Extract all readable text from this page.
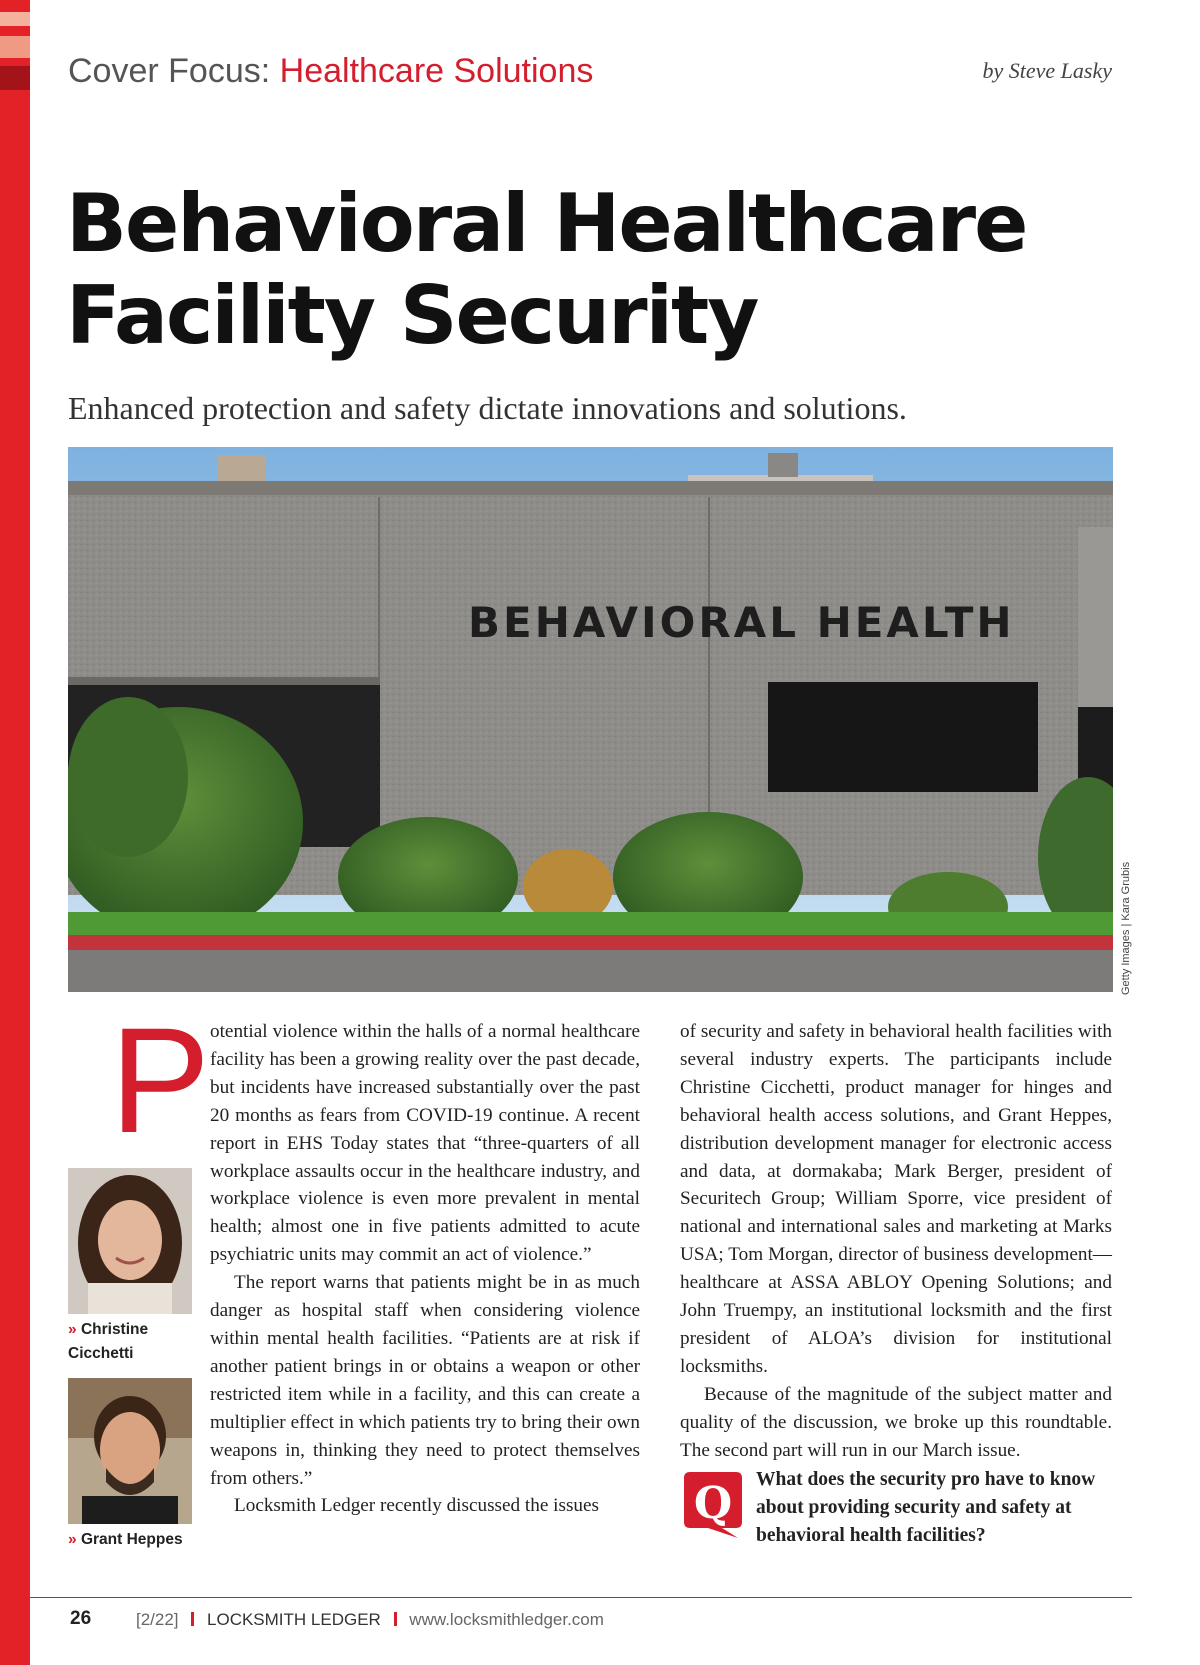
Cover Focus: Healthcare Solutions	by Steve Lasky
Behavioral Healthcare Facility Security

Enhanced protection and safety dictate innovations and solutions.

BEHAVIORAL HEALTH
Getty Images | Kara Grubis
» Christine Cicchetti
» Grant Heppes
P otential violence within the halls of a normal healthcare facility has been a growing reality over the past decade, but incidents have increased substantially over the past 20 months as fears from COVID-19 continue. A recent report in EHS Today states that “three-quarters of all workplace assaults occur in the healthcare industry, and workplace violence is even more prevalent in mental health; almost one in five patients admitted to acute psychiatric units may commit an act of violence.”

The report warns that patients might be in as much danger as hospital staff when considering violence within mental health facilities. “Patients are at risk if another patient brings in or obtains a weapon or other restricted item while in a facility, and this can create a multiplier effect in which patients try to bring their own weapons in, thinking they need to protect themselves from others.”

Locksmith Ledger recently discussed the issues

of security and safety in behavioral health facilities with several industry experts. The participants include Christine Cicchetti, product manager for hinges and behavioral health access solutions, and Grant Heppes, distribution development manager for electronic access and data, at dormakaba; Mark Berger, president of Securitech Group; William Sporre, vice president of national and international sales and marketing at Marks USA; Tom Morgan, director of business development—healthcare at ASSA ABLOY Opening Solutions; and John Truempy, an institutional locksmith and the first president of ALOA’s division for institutional locksmiths.

Because of the magnitude of the subject matter and quality of the discussion, we broke up this roundtable. The second part will run in our March issue.

Q What does the security pro have to know about providing security and safety at behavioral health facilities?

26	[2/22] LOCKSMITH LEDGER www.locksmithledger.com
